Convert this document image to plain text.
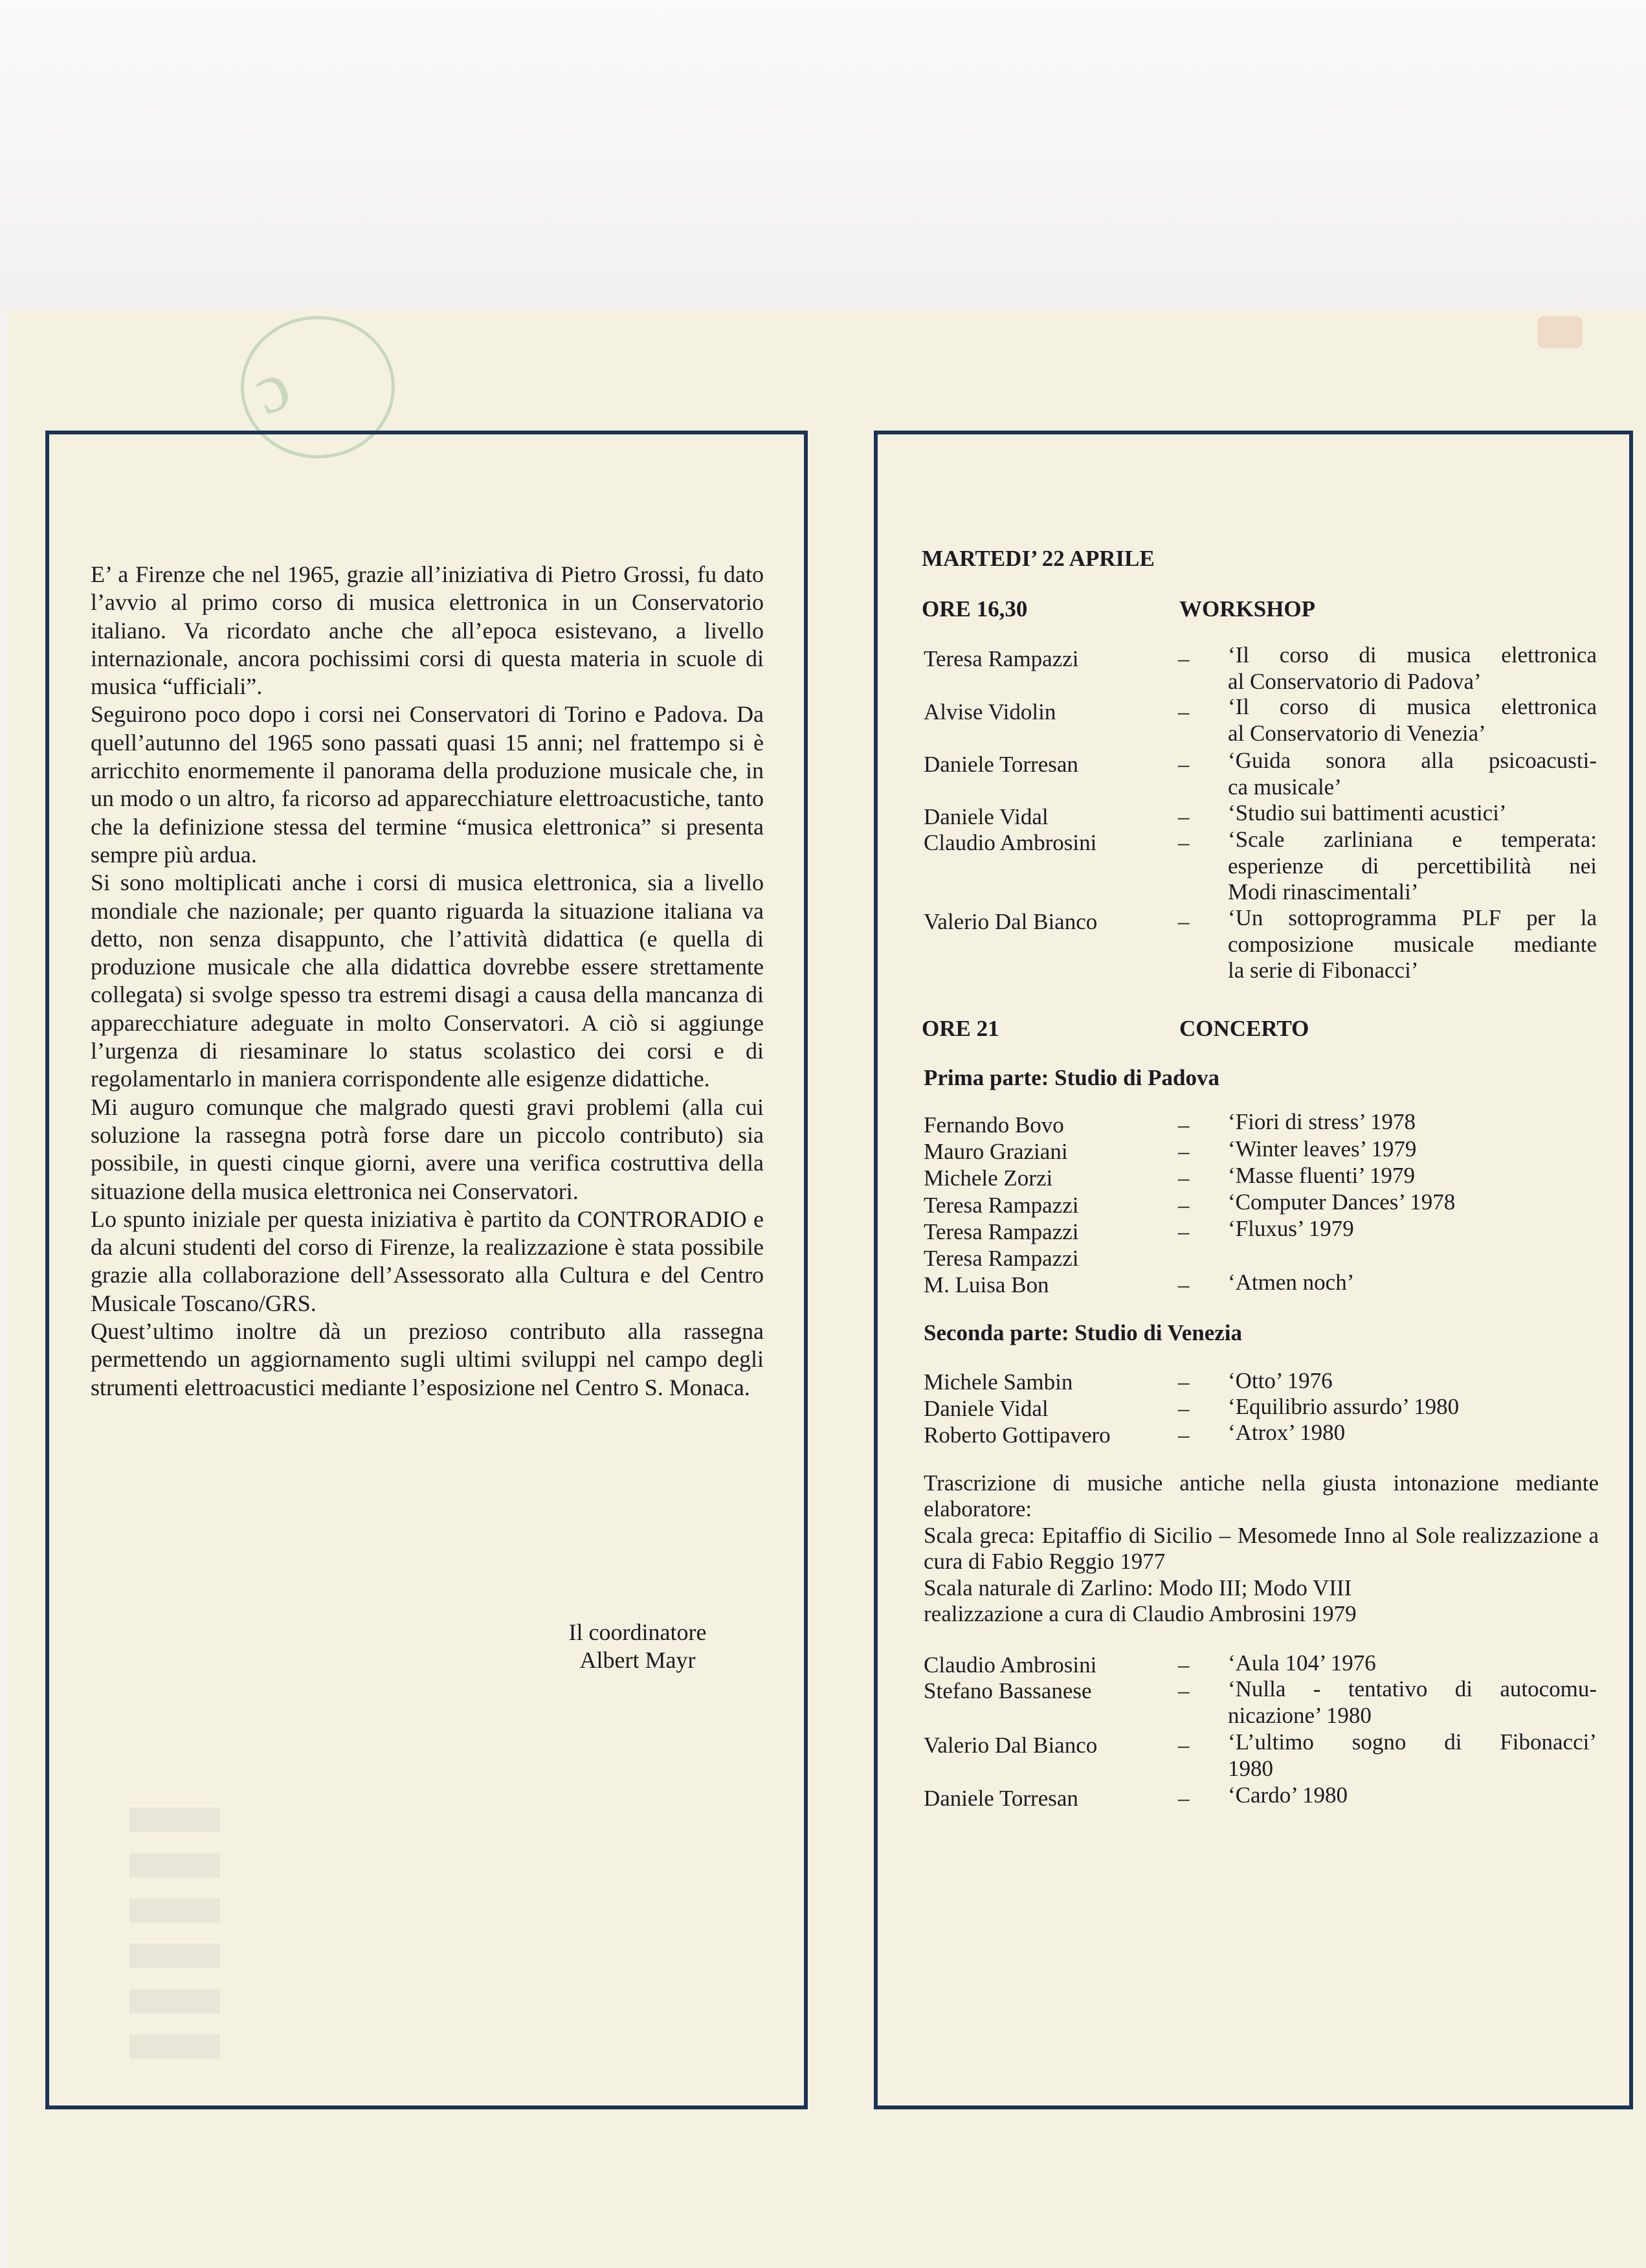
ɔ

E’ a Firenze che nel 1965, grazie all’iniziativa di Pietro Grossi, fu dato l’avvio al primo corso di musica elettronica in un Conservatorio italiano. Va ricordato anche che all’epoca esistevano, a livello internazionale, ancora pochissimi corsi di questa materia in scuole di musica “ufficiali”.

Seguirono poco dopo i corsi nei Conservatori di Torino e Padova. Da quell’autunno del 1965 sono passati quasi 15 anni; nel frattempo si è arricchito enormemente il panorama della produzione musicale che, in un modo o un altro, fa ricorso ad apparecchiature elettroacustiche, tanto che la definizione stessa del termine “musica elettronica” si presenta sempre più ardua.

Si sono moltiplicati anche i corsi di musica elettronica, sia a livello mondiale che nazionale; per quanto riguarda la situazione italiana va detto, non senza disappunto, che l’attività didattica (e quella di produzione musicale che alla didattica dovrebbe essere strettamente collegata) si svolge spesso tra estremi disagi a causa della mancanza di apparecchiature adeguate in molto Conservatori. A ciò si aggiunge l’urgenza di riesaminare lo status scolastico dei corsi e di regolamentarlo in maniera corrispondente alle esigenze didattiche.

Mi auguro comunque che malgrado questi gravi problemi (alla cui soluzione la rassegna potrà forse dare un piccolo contributo) sia possibile, in questi cinque giorni, avere una verifica costruttiva della situazione della musica elettronica nei Conservatori.

Lo spunto iniziale per questa iniziativa è partito da CONTRORADIO e da alcuni studenti del corso di Firenze, la realizzazione è stata possibile grazie alla collaborazione dell’Assessorato alla Cultura e del Centro Musicale Toscano/GRS.

Quest’ultimo inoltre dà un prezioso contributo alla rassegna permettendo un aggiornamento sugli ultimi sviluppi nel campo degli strumenti elettroacustici mediante l’esposizione nel Centro S. Monaca.

Il coordinatore
Albert Mayr
MARTEDI’ 22 APRILE
ORE 16,30	WORKSHOP
Teresa Rampazzi	– ‘Il corso di musica elettronica
al Conservatorio di Padova’
Alvise Vidolin	– ‘Il corso di musica elettronica
al Conservatorio di Venezia’
Daniele Torresan	– ‘Guida sonora alla psicoacusti-
ca musicale’
Daniele Vidal	– ‘Studio sui battimenti acustici’
Claudio Ambrosini	– ‘Scale zarliniana e temperata:
esperienze di percettibilità nei
Modi rinascimentali’
Valerio Dal Bianco	– ‘Un sottoprogramma PLF per la
composizione musicale mediante
la serie di Fibonacci’
ORE 21	CONCERTO
Prima parte: Studio di Padova
Fernando Bovo	– ‘Fiori di stress’ 1978
Mauro Graziani	– ‘Winter leaves’ 1979
Michele Zorzi	– ‘Masse fluenti’ 1979
Teresa Rampazzi	– ‘Computer Dances’ 1978
Teresa Rampazzi	– ‘Fluxus’ 1979
Teresa Rampazzi
M. Luisa Bon	– ‘Atmen noch’
Seconda parte: Studio di Venezia
Michele Sambin	– ‘Otto’ 1976
Daniele Vidal	– ‘Equilibrio assurdo’ 1980
Roberto Gottipavero	– ‘Atrox’ 1980
Trascrizione di musiche antiche nella giusta intonazione mediante elaboratore:
Scala greca: Epitaffio di Sicilio – Mesomede Inno al Sole realizzazione a cura di Fabio Reggio 1977
Scala naturale di Zarlino: Modo III; Modo VIII realizzazione a cura di Claudio Ambrosini 1979
Claudio Ambrosini	– ‘Aula 104’ 1976
Stefano Bassanese	– ‘Nulla - tentativo di autocomu-
nicazione’ 1980
Valerio Dal Bianco	– ‘L’ultimo sogno di Fibonacci’
1980
Daniele Torresan	– ‘Cardo’ 1980
